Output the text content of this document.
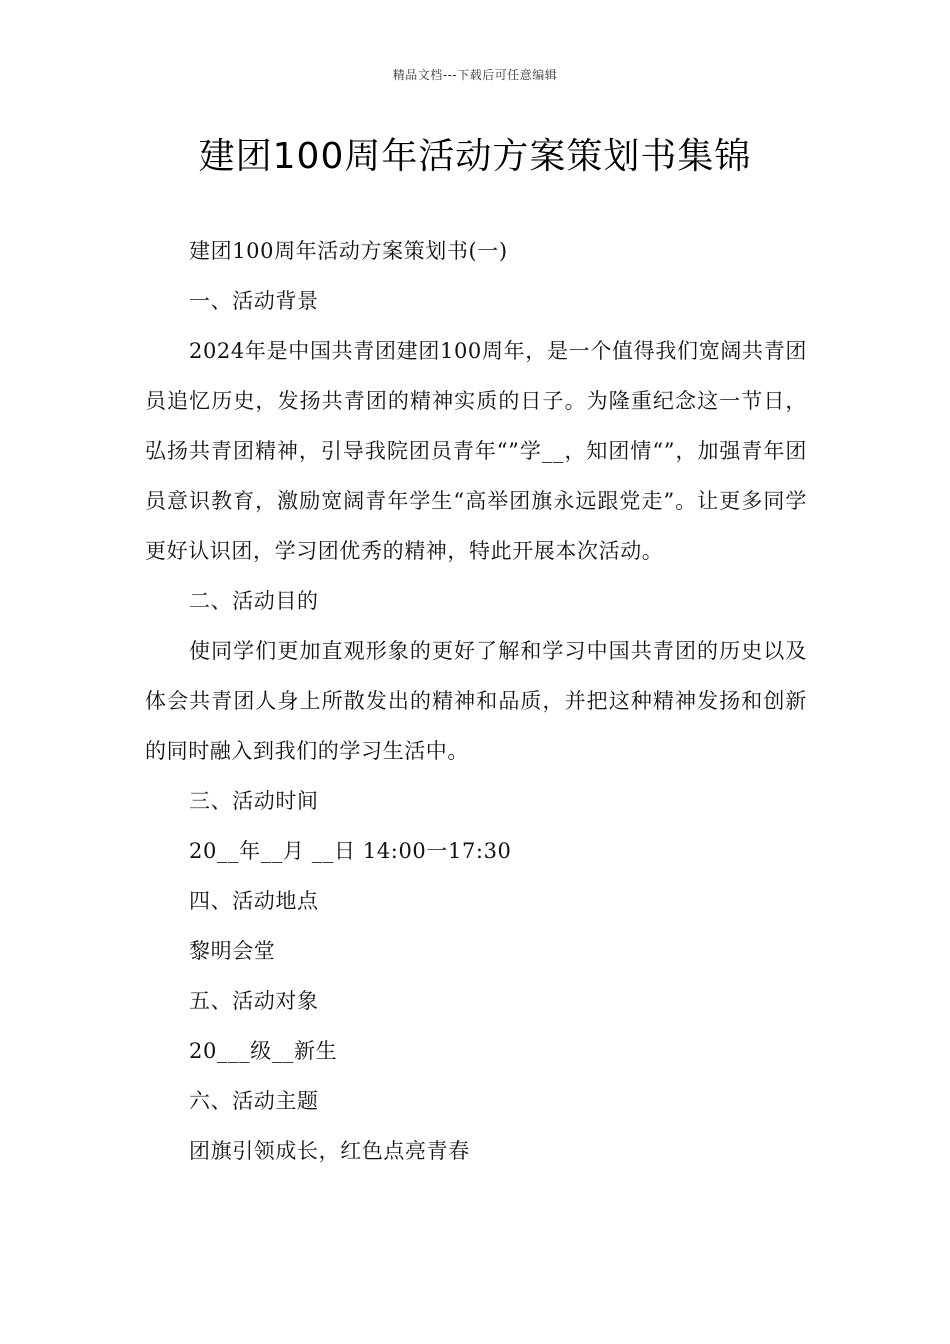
精品文档---下载后可任意编辑
建团100周年活动方案策划书集锦

建团100周年活动方案策划书(一)

一、活动背景

2024年是中国共青团建团100周年，是一个值得我们宽阔共青团员追忆历史，发扬共青团的精神实质的日子。为隆重纪念这一节日，弘扬共青团精神，引导我院团员青年“”学__，知团情“”，加强青年团员意识教育，激励宽阔青年学生“高举团旗永远跟党走”。让更多同学更好认识团，学习团优秀的精神，特此开展本次活动。

二、活动目的

使同学们更加直观形象的更好了解和学习中国共青团的历史以及体会共青团人身上所散发出的精神和品质，并把这种精神发扬和创新的同时融入到我们的学习生活中。

三、活动时间

20__年__月 __日 14:00一17:30

四、活动地点

黎明会堂

五、活动对象

20___级__新生

六、活动主题

团旗引领成长，红色点亮青春
